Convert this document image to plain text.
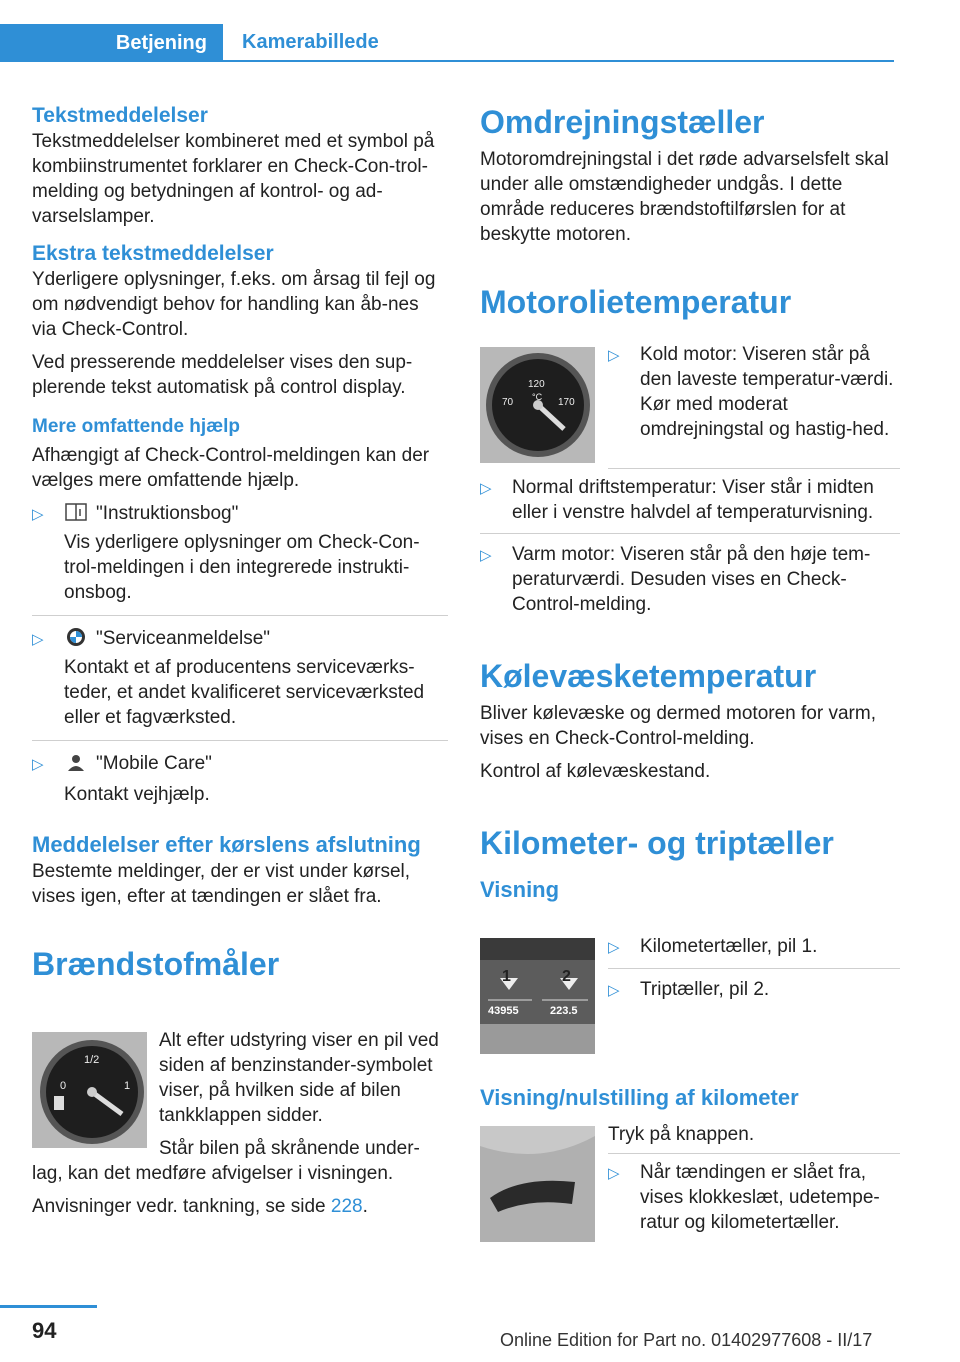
Betjening	Kamerabillede
Tekstmeddelelser

Tekstmeddelelser kombineret med et symbol på kombiinstrumentet forklarer en Check-Con-trol-melding og betydningen af kontrol- og ad-varselslamper.

Ekstra tekstmeddelelser

Yderligere oplysninger, f.eks. om årsag til fejl og om nødvendigt behov for handling kan åb-nes via Check-Control.

Ved presserende meddelelser vises den sup-plerende tekst automatisk på control display.

Mere omfattende hjælp

Afhængigt af Check-Control-meldingen kan der vælges mere omfattende hjælp.

▷	"Instruktionsbog"
Vis yderligere oplysninger om Check-Con-trol-meldingen i den integrerede instrukti-onsbog.
▷	"Serviceanmeldelse"
Kontakt et af producentens serviceværks-teder, et andet kvalificeret serviceværksted eller et fagværksted.
▷	"Mobile Care"
Kontakt vejhjælp.
Meddelelser efter kørslens afslutning

Bestemte meldinger, der er vist under kørsel, vises igen, efter at tændingen er slået fra.

Brændstofmåler
0
1/2
1

Alt efter udstyring viser en pil ved siden af benzinstander-symbolet viser, på hvilken side af bilen tankklappen sidder.

Står bilen på skrånende under-lag, kan det medføre afvigelser i visningen.

Anvisninger vedr. tankning, se side 228.

Omdrejningstæller

Motoromdrejningstal i det røde advarselsfelt skal under alle omstændigheder undgås. I dette område reduceres brændstoftilførslen for at beskytte motoren.

Motorolietemperatur
70
120
°C 170
▷	Kold motor: Viseren står på den laveste temperatur-værdi. Kør med moderat omdrejningstal og hastig-hed.
▷	Normal driftstemperatur: Viser står i midten eller i venstre halvdel af temperaturvisning.
▷	Varm motor: Viseren står på den høje tem-peraturværdi. Desuden vises en Check-Control-melding.
Kølevæsketemperatur

Bliver kølevæske og dermed motoren for varm, vises en Check-Control-melding.

Kontrol af kølevæskestand.

Kilometer- og triptæller
Visning
1	2
43955	223.5
▷	Kilometertæller, pil 1.
▷	Triptæller, pil 2.
Visning/nulstilling af kilometer

Tryk på knappen.

▷	Når tændingen er slået fra, vises klokkeslæt, udetempe-ratur og kilometertæller.
94	Online Edition for Part no. 01402977608 - II/17
